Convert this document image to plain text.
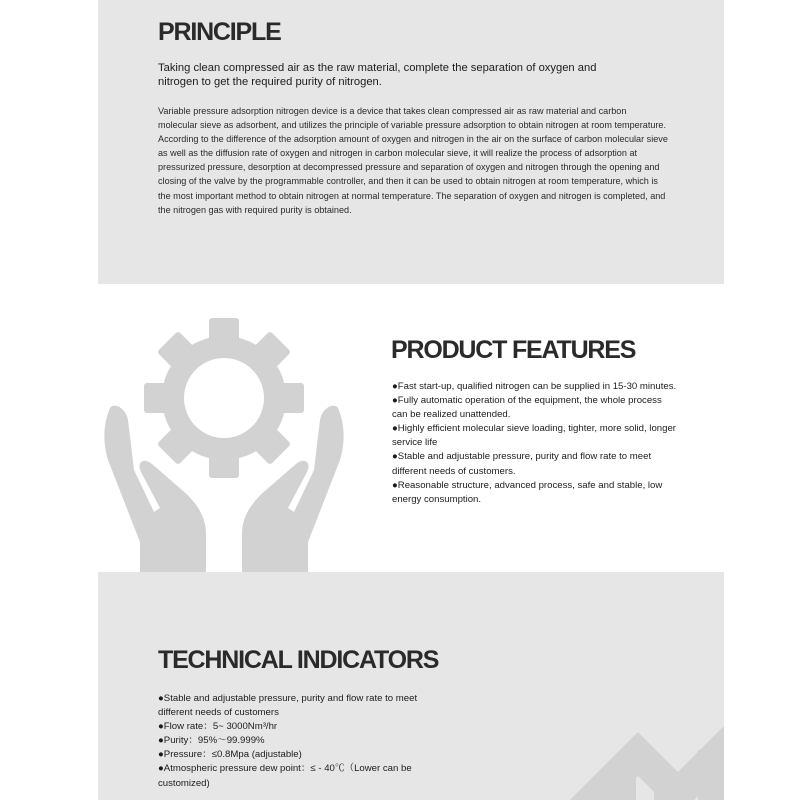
PRINCIPLE

Taking clean compressed air as the raw material, complete the separation of oxygen and nitrogen to get the required purity of nitrogen.

Variable pressure adsorption nitrogen device is a device that takes clean compressed air as raw material and carbon molecular sieve as adsorbent, and utilizes the principle of variable pressure adsorption to obtain nitrogen at room temperature. According to the difference of the adsorption amount of oxygen and nitrogen in the air on the surface of carbon molecular sieve as well as the diffusion rate of oxygen and nitrogen in carbon molecular sieve, it will realize the process of adsorption at pressurized pressure, desorption at decompressed pressure and separation of oxygen and nitrogen through the opening and closing of the valve by the programmable controller, and then it can be used to obtain nitrogen at room temperature, which is the most important method to obtain nitrogen at normal temperature. The separation of oxygen and nitrogen is completed, and the nitrogen gas with required purity is obtained.

PRODUCT FEATURES
●Fast start-up, qualified nitrogen can be supplied in 15-30 minutes.
●Fully automatic operation of the equipment, the whole process can be realized unattended.
●Highly efficient molecular sieve loading, tighter, more solid, longer service life
●Stable and adjustable pressure, purity and flow rate to meet different needs of customers.
●Reasonable structure, advanced process, safe and stable, low energy consumption.
TECHNICAL INDICATORS
●Stable and adjustable pressure, purity and flow rate to meet different needs of customers
●Flow rate：5~ 3000Nm³/hr
●Purity：95%～99.999%
●Pressure：≤0.8Mpa (adjustable)
●Atmospheric pressure dew point：≤ - 40℃（Lower can be customized)
